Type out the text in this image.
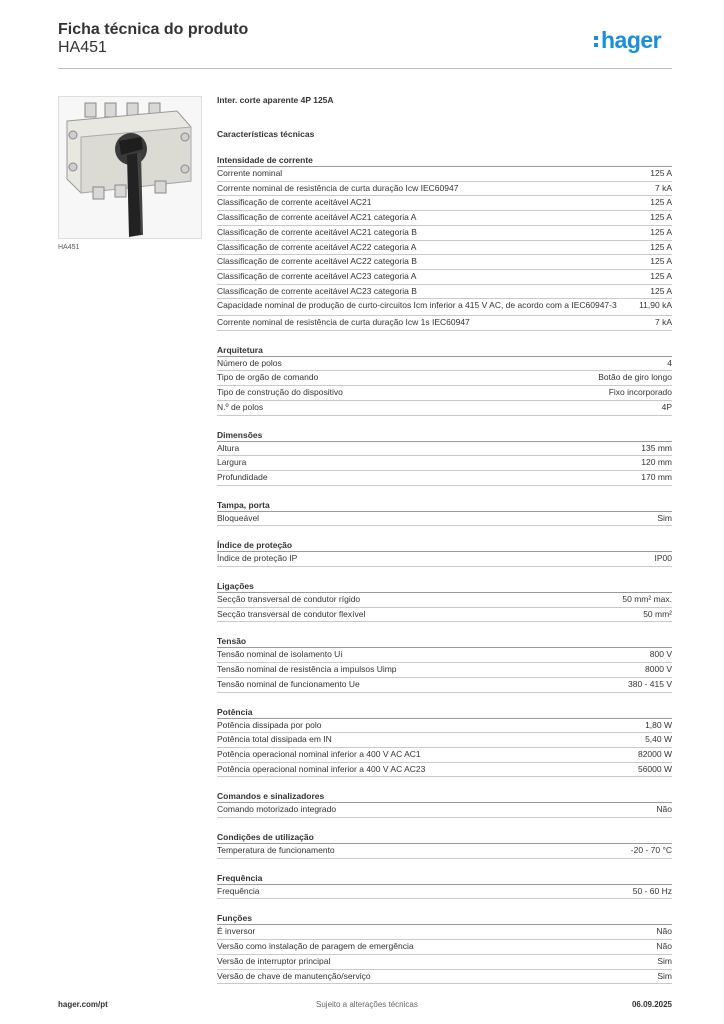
Ficha técnica do produto
HA451	hager
HA451
Inter. corte aparente 4P 125A
Características técnicas
Intensidade de corrente
Corrente nominal	125 A
Corrente nominal de resistência de curta duração Icw IEC60947	7 kA
Classificação de corrente aceitável AC21	125 A
Classificação de corrente aceitável AC21 categoria A	125 A
Classificação de corrente aceitável AC21 categoria B	125 A
Classificação de corrente aceitável AC22 categoria A	125 A
Classificação de corrente aceitável AC22 categoria B	125 A
Classificação de corrente aceitável AC23 categoria A	125 A
Classificação de corrente aceitável AC23 categoria B	125 A
Capacidade nominal de produção de curto-circuitos Icm inferior a 415 V AC, de acordo com a IEC60947-3	11,90 kA
Corrente nominal de resistência de curta duração Icw 1s IEC60947	7 kA
Arquitetura
Número de polos	4
Tipo de orgão de comando	Botão de giro longo
Tipo de construção do dispositivo	Fixo incorporado
N.º de polos	4P
Dimensões
Altura	135 mm
Largura	120 mm
Profundidade	170 mm
Tampa, porta
Bloqueável	Sim
Índice de proteção
Índice de proteção IP	IP00
Ligações
Secção transversal de condutor rígido	50 mm² max.
Secção transversal de condutor flexível	50 mm²
Tensão
Tensão nominal de isolamento Ui	800 V
Tensão nominal de resistência a impulsos Uimp	8000 V
Tensão nominal de funcionamento Ue	380 - 415 V
Potência
Potência dissipada por polo	1,80 W
Potência total dissipada em IN	5,40 W
Potência operacional nominal inferior a 400 V AC AC1	82000 W
Potência operacional nominal inferior a 400 V AC AC23	56000 W
Comandos e sinalizadores
Comando motorizado integrado	Não
Condições de utilização
Temperatura de funcionamento	-20 - 70 °C
Frequência
Frequência	50 - 60 Hz
Funções
É inversor	Não
Versão como instalação de paragem de emergência	Não
Versão de interruptor principal	Sim
Versão de chave de manutenção/serviço	Sim
hager.com/pt	Sujeito a alterações técnicas	06.09.2025
